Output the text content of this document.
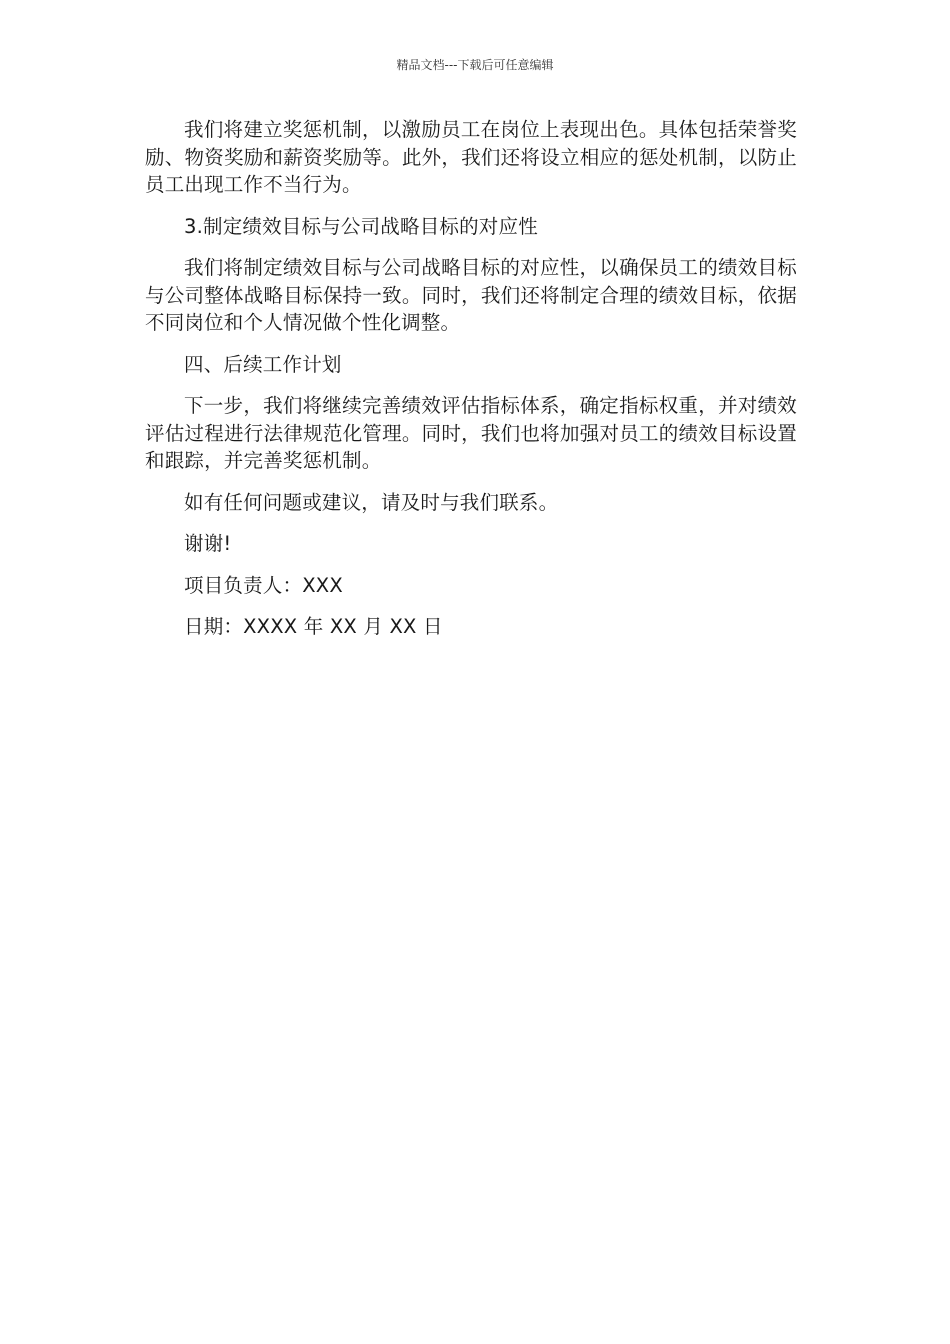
精品文档---下载后可任意编辑

我们将建立奖惩机制，以激励员工在岗位上表现出色。具体包括荣誉奖励、物资奖励和薪资奖励等。此外，我们还将设立相应的惩处机制，以防止员工出现工作不当行为。

3.制定绩效目标与公司战略目标的对应性

我们将制定绩效目标与公司战略目标的对应性，以确保员工的绩效目标与公司整体战略目标保持一致。同时，我们还将制定合理的绩效目标，依据不同岗位和个人情况做个性化调整。

四、后续工作计划

下一步，我们将继续完善绩效评估指标体系，确定指标权重，并对绩效评估过程进行法律规范化管理。同时，我们也将加强对员工的绩效目标设置和跟踪，并完善奖惩机制。

如有任何问题或建议，请及时与我们联系。

谢谢!

项目负责人：XXX

日期：XXXX 年 XX 月 XX 日
